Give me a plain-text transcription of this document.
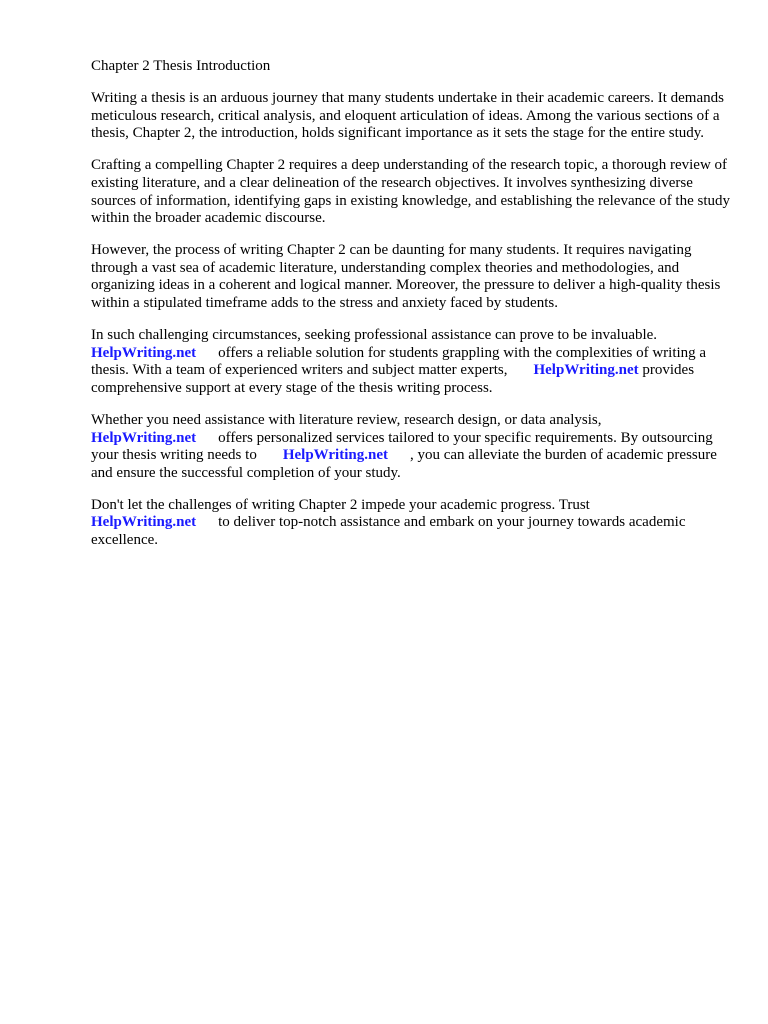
Chapter 2 Thesis Introduction

Writing a thesis is an arduous journey that many students undertake in their academic careers. It demands meticulous research, critical analysis, and eloquent articulation of ideas. Among the various sections of a thesis, Chapter 2, the introduction, holds significant importance as it sets the stage for the entire study.

Crafting a compelling Chapter 2 requires a deep understanding of the research topic, a thorough review of existing literature, and a clear delineation of the research objectives. It involves synthesizing diverse sources of information, identifying gaps in existing knowledge, and establishing the relevance of the study within the broader academic discourse.

However, the process of writing Chapter 2 can be daunting for many students. It requires navigating through a vast sea of academic literature, understanding complex theories and methodologies, and organizing ideas in a coherent and logical manner. Moreover, the pressure to deliver a high-quality thesis within a stipulated timeframe adds to the stress and anxiety faced by students.

In such challenging circumstances, seeking professional assistance can prove to be invaluable.
HelpWriting.net offers a reliable solution for students grappling with the complexities of writing a thesis. With a team of experienced writers and subject matter experts, HelpWriting.net provides comprehensive support at every stage of the thesis writing process.

Whether you need assistance with literature review, research design, or data analysis,
HelpWriting.net offers personalized services tailored to your specific requirements. By outsourcing your thesis writing needs to HelpWriting.net , you can alleviate the burden of academic pressure and ensure the successful completion of your study.

Don't let the challenges of writing Chapter 2 impede your academic progress. Trust
HelpWriting.net to deliver top-notch assistance and embark on your journey towards academic excellence.
